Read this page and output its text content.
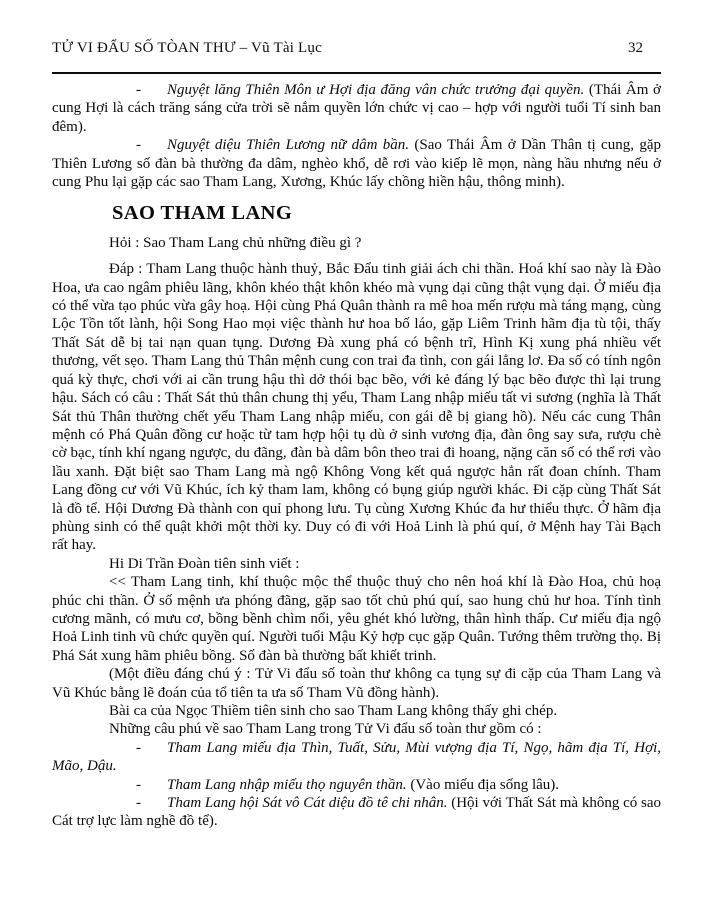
TỬ VI ĐẨU SỐ TÒAN THƯ – Vũ Tài Lục	32

- Nguyệt lăng Thiên Môn ư Hợi địa đăng vân chức trưởng đại quyền. (Thái Âm ở cung Hợi là cách trăng sáng cửa trời sẽ nắm quyền lớn chức vị cao – hợp với người tuổi Tí sinh ban đêm).

- Nguyệt diệu Thiên Lương nữ dâm bần. (Sao Thái Âm ở Dần Thân tị cung, gặp Thiên Lương số đàn bà thường đa dâm, nghèo khổ, dễ rơi vào kiếp lẽ mọn, nàng hầu nhưng nếu ở cung Phu lại gặp các sao Tham Lang, Xương, Khúc lấy chồng hiền hậu, thông minh).

SAO THAM LANG

Hỏi : Sao Tham Lang chủ những điều gì ?

Đáp : Tham Lang thuộc hành thuỷ, Bắc Đẩu tinh giải ách chi thần. Hoá khí sao này là Đào Hoa, ưa cao ngâm phiêu lãng, khôn khéo thật khôn khéo mà vụng dại cũng thật vụng dại. Ở miếu địa có thể vừa tạo phúc vừa gây hoạ. Hội cùng Phá Quân thành ra mê hoa mến rượu mà táng mạng, cùng Lộc Tồn tốt lành, hội Song Hao mọi việc thành hư hoa bố láo, gặp Liêm Trinh hãm địa tù tội, thấy Thất Sát dễ bị tai nạn quan tụng. Dương Đà xung phá có bệnh trĩ, Hình Kị xung phá nhiều vết thương, vết sẹo. Tham Lang thủ Thân mệnh cung con trai đa tình, con gái lẳng lơ. Đa số có tính ngôn quá kỳ thực, chơi với ai cần trung hậu thì dở thói bạc bẽo, với kẻ đáng lý bạc bẽo được thì lại trung hậu. Sách có câu : Thất Sát thủ thân chung thị yểu, Tham Lang nhập miếu tất vi sương (nghĩa là Thất Sát thủ Thân thường chết yểu Tham Lang nhập miếu, con gái dễ bị giang hồ). Nếu các cung Thân mệnh có Phá Quân đồng cư hoặc từ tam hợp hội tụ dù ở sinh vương địa, đàn ông say sưa, rượu chè cờ bạc, tính khí ngang ngược, du đãng, đàn bà dâm bôn theo trai đi hoang, nặng căn số có thể rơi vào lầu xanh. Đặt biệt sao Tham Lang mà ngộ Không Vong kết quả ngược hẳn rất đoan chính. Tham Lang đồng cư với Vũ Khúc, ích kỷ tham lam, không có bụng giúp người khác. Đi cặp cùng Thất Sát là đồ tể. Hội Dương Đà thành con quỉ phong lưu. Tụ cùng Xương Khúc đa hư thiểu thực. Ở hãm địa phùng sinh có thể quật khởi một thời ky. Duy có đi với Hoả Linh là phú quí, ở Mệnh hay Tài Bạch rất hay.

Hi Di Trần Đoàn tiên sinh viết :

<< Tham Lang tinh, khí thuộc mộc thể thuộc thuỷ cho nên hoá khí là Đào Hoa, chủ hoạ phúc chi thần. Ở số mệnh ưa phóng đãng, gặp sao tốt chủ phú quí, sao hung chủ hư hoa. Tính tình cương mãnh, có mưu cơ, bồng bềnh chìm nổi, yêu ghét khó lường, thân hình thấp. Cư miếu địa ngộ Hoả Linh tinh vũ chức quyền quí. Người tuổi Mậu Kỷ hợp cục gặp Quân. Tướng thêm trường thọ. Bị Phá Sát xung hãm phiêu bồng. Số đàn bà thường bất khiết trinh.

(Một điều đáng chú ý : Tử Vi đẩu số toàn thư không ca tụng sự đi cặp của Tham Lang và Vũ Khúc bằng lẽ đoán của tổ tiên ta ưa số Tham Vũ đồng hành).

Bài ca của Ngọc Thiềm tiên sinh cho sao Tham Lang không thấy ghi chép.

Những câu phú về sao Tham Lang trong Tử Vi đẩu số toàn thư gồm có :

- Tham Lang miếu địa Thìn, Tuất, Sửu, Mùi vượng địa Tí, Ngọ, hãm địa Tí, Hợi, Mão, Dậu.

- Tham Lang nhập miếu thọ nguyên thần. (Vào miếu địa sống lâu).

- Tham Lang hội Sát vô Cát diệu đồ tê chi nhân. (Hội với Thất Sát mà không có sao Cát trợ lực làm nghề đồ tể).
